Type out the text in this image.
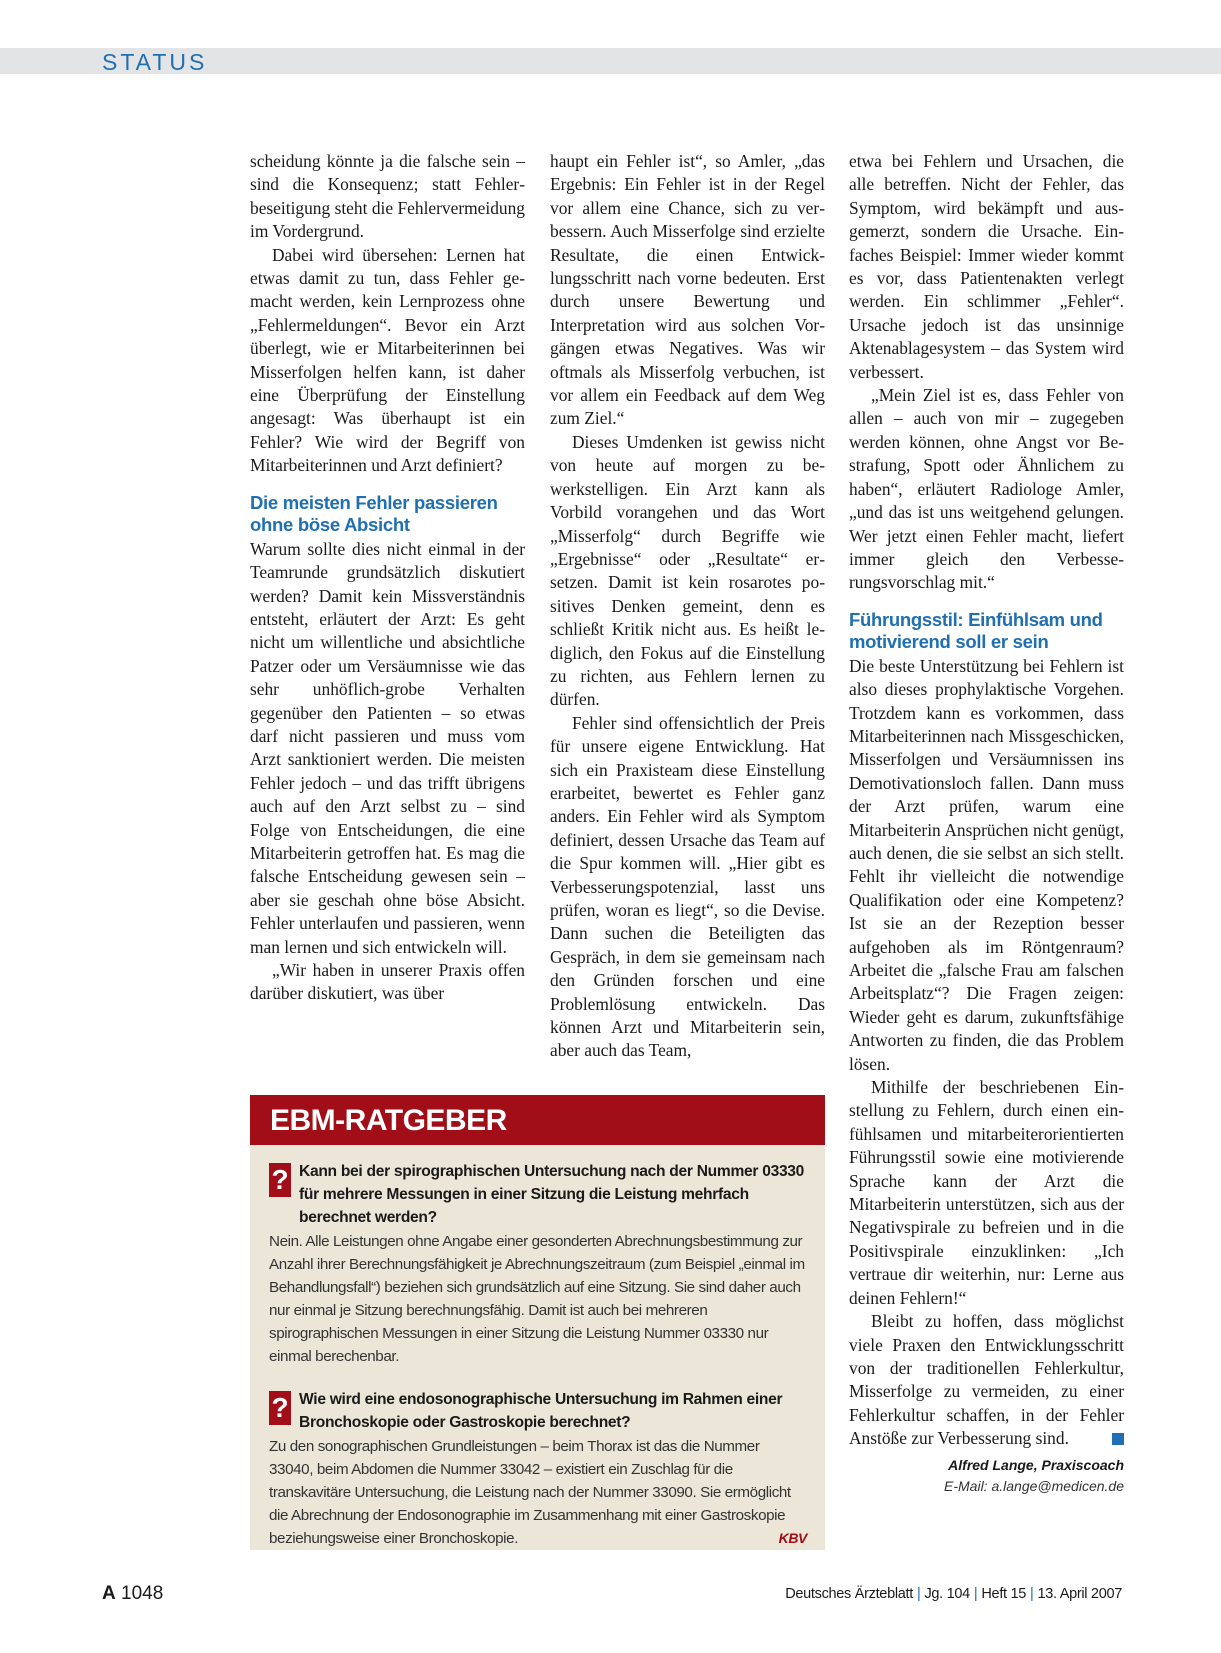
STATUS

scheidung könnte ja die falsche sein – sind die Konsequenz; statt Fehlerbeseitigung steht die Fehlervermeidung im Vordergrund.

Dabei wird übersehen: Lernen hat etwas damit zu tun, dass Fehler gemacht werden, kein Lernprozess ohne „Fehlermeldungen“. Bevor ein Arzt überlegt, wie er Mitarbeiterinnen bei Misserfolgen helfen kann, ist daher eine Überprüfung der Einstellung angesagt: Was überhaupt ist ein Fehler? Wie wird der Begriff von Mitarbeiterinnen und Arzt definiert?

Die meisten Fehler passieren ohne böse Absicht

Warum sollte dies nicht einmal in der Teamrunde grundsätzlich diskutiert werden? Damit kein Missverständnis entsteht, erläutert der Arzt: Es geht nicht um willentliche und absichtliche Patzer oder um Versäumnisse wie das sehr unhöflich-grobe Verhalten gegenüber den Patienten – so etwas darf nicht passieren und muss vom Arzt sanktioniert werden. Die meisten Fehler jedoch – und das trifft übrigens auch auf den Arzt selbst zu – sind Folge von Entscheidungen, die eine Mitarbeiterin getroffen hat. Es mag die falsche Entscheidung gewesen sein – aber sie geschah ohne böse Absicht. Fehler unterlaufen und passieren, wenn man lernen und sich entwickeln will.

„Wir haben in unserer Praxis offen darüber diskutiert, was über

haupt ein Fehler ist“, so Amler, „das Ergebnis: Ein Fehler ist in der Regel vor allem eine Chance, sich zu verbessern. Auch Misserfolge sind erzielte Resultate, die einen Entwicklungsschritt nach vorne bedeuten. Erst durch unsere Bewertung und Interpretation wird aus solchen Vorgängen etwas Negatives. Was wir oftmals als Misserfolg verbuchen, ist vor allem ein Feedback auf dem Weg zum Ziel.“

Dieses Umdenken ist gewiss nicht von heute auf morgen zu bewerkstelligen. Ein Arzt kann als Vorbild vorangehen und das Wort „Misserfolg“ durch Begriffe wie „Ergebnisse“ oder „Resultate“ ersetzen. Damit ist kein rosarotes positives Denken gemeint, denn es schließt Kritik nicht aus. Es heißt lediglich, den Fokus auf die Einstellung zu richten, aus Fehlern lernen zu dürfen.

Fehler sind offensichtlich der Preis für unsere eigene Entwicklung. Hat sich ein Praxisteam diese Einstellung erarbeitet, bewertet es Fehler ganz anders. Ein Fehler wird als Symptom definiert, dessen Ursache das Team auf die Spur kommen will. „Hier gibt es Verbesserungspotenzial, lasst uns prüfen, woran es liegt“, so die Devise. Dann suchen die Beteiligten das Gespräch, in dem sie gemeinsam nach den Gründen forschen und eine Problemlösung entwickeln. Das können Arzt und Mitarbeiterin sein, aber auch das Team,

etwa bei Fehlern und Ursachen, die alle betreffen. Nicht der Fehler, das Symptom, wird bekämpft und ausgemerzt, sondern die Ursache. Einfaches Beispiel: Immer wieder kommt es vor, dass Patientenakten verlegt werden. Ein schlimmer „Fehler“. Ursache jedoch ist das unsinnige Aktenablagesystem – das System wird verbessert.

„Mein Ziel ist es, dass Fehler von allen – auch von mir – zugegeben werden können, ohne Angst vor Bestrafung, Spott oder Ähnlichem zu haben“, erläutert Radiologe Amler, „und das ist uns weitgehend gelungen. Wer jetzt einen Fehler macht, liefert immer gleich den Verbesserungsvorschlag mit.“

Führungsstil: Einfühlsam und motivierend soll er sein

Die beste Unterstützung bei Fehlern ist also dieses prophylaktische Vorgehen. Trotzdem kann es vorkommen, dass Mitarbeiterinnen nach Missgeschicken, Misserfolgen und Versäumnissen ins Demotivationsloch fallen. Dann muss der Arzt prüfen, warum eine Mitarbeiterin Ansprüchen nicht genügt, auch denen, die sie selbst an sich stellt. Fehlt ihr vielleicht die notwendige Qualifikation oder eine Kompetenz? Ist sie an der Rezeption besser aufgehoben als im Röntgenraum? Arbeitet die „falsche Frau am falschen Arbeitsplatz“? Die Fragen zeigen: Wieder geht es darum, zukunftsfähige Antworten zu finden, die das Problem lösen.

Mithilfe der beschriebenen Einstellung zu Fehlern, durch einen einfühlsamen und mitarbeiterorientierten Führungsstil sowie eine motivierende Sprache kann der Arzt die Mitarbeiterin unterstützen, sich aus der Negativspirale zu befreien und in die Positivspirale einzuklinken: „Ich vertraue dir weiterhin, nur: Lerne aus deinen Fehlern!“

Bleibt zu hoffen, dass möglichst viele Praxen den Entwicklungsschritt von der traditionellen Fehlerkultur, Misserfolge zu vermeiden, zu einer Fehlerkultur schaffen, in der Fehler Anstöße zur Verbesserung sind.

Alfred Lange, Praxiscoach
E-Mail: a.lange@medicen.de
EBM-RATGEBER
? Kann bei der spirographischen Untersuchung nach der Nummer 03330 für mehrere Messungen in einer Sitzung die Leistung mehrfach berechnet werden?
Nein. Alle Leistungen ohne Angabe einer gesonderten Abrechnungsbestimmung zur Anzahl ihrer Berechnungsfähigkeit je Abrechnungszeitraum (zum Beispiel „einmal im Behandlungsfall“) beziehen sich grundsätzlich auf eine Sitzung. Sie sind daher auch nur einmal je Sitzung berechnungsfähig. Damit ist auch bei mehreren spirographischen Messungen in einer Sitzung die Leistung Nummer 03330 nur einmal berechenbar.
? Wie wird eine endosonographische Untersuchung im Rahmen einer Bronchoskopie oder Gastroskopie berechnet?
Zu den sonographischen Grundleistungen – beim Thorax ist das die Nummer 33040, beim Abdomen die Nummer 33042 – existiert ein Zuschlag für die transkavitäre Untersuchung, die Leistung nach der Nummer 33090. Sie ermöglicht die Abrechnung der Endosonographie im Zusammenhang mit einer Gastroskopie beziehungsweise einer Bronchoskopie.	KBV
A 1048	Deutsches Ärzteblatt | Jg. 104 | Heft 15 | 13. April 2007
